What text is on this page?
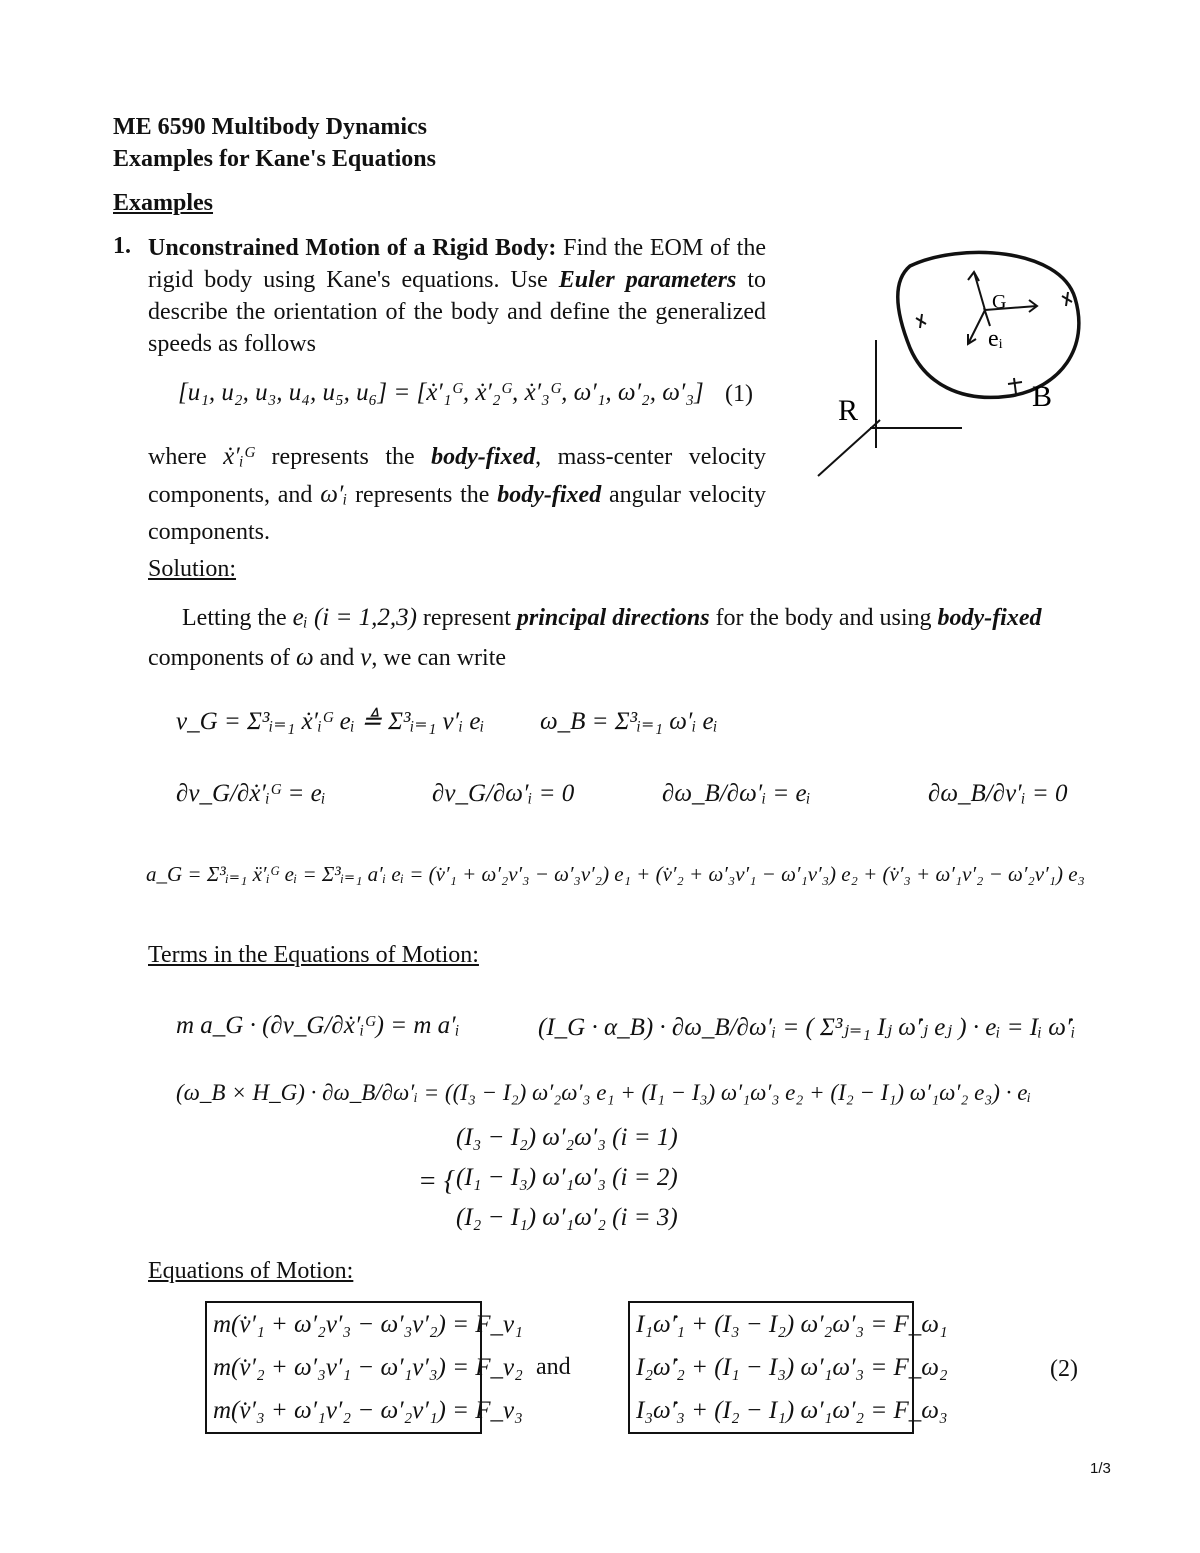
ME 6590 Multibody Dynamics
Examples for Kane's Equations
Examples
1. Unconstrained Motion of a Rigid Body: Find the EOM of the rigid body using Kane's equations. Use Euler parameters to describe the orientation of the body and define the generalized speeds as follows
[u₁, u₂, u₃, u₄, u₅, u₆] = [ẋ′₁ᴳ, ẋ′₂ᴳ, ẋ′₃ᴳ, ω′₁, ω′₂, ω′₃] (1)
where ẋ′ᵢᴳ represents the body-fixed, mass-center velocity components, and ω′ᵢ represents the body-fixed angular velocity components.
G
eᵢ
B
R
Solution:
Letting the eᵢ (i = 1,2,3) represent principal directions for the body and using body-fixed components of ω and v, we can write
v_G = Σ³ᵢ₌₁ ẋ′ᵢᴳ eᵢ ≜ Σ³ᵢ₌₁ v′ᵢ eᵢ ω_B = Σ³ᵢ₌₁ ω′ᵢ eᵢ
∂v_G/∂ẋ′ᵢᴳ = eᵢ	∂v_G/∂ω′ᵢ = 0	∂ω_B/∂ω′ᵢ = eᵢ	∂ω_B/∂v′ᵢ = 0
a_G = Σ³ᵢ₌₁ ẍ′ᵢᴳ eᵢ = Σ³ᵢ₌₁ a′ᵢ eᵢ = (v̇′₁ + ω′₂v′₃ − ω′₃v′₂) e₁ + (v̇′₂ + ω′₃v′₁ − ω′₁v′₃) e₂ + (v̇′₃ + ω′₁v′₂ − ω′₂v′₁) e₃
Terms in the Equations of Motion:
m a_G · (∂v_G/∂ẋ′ᵢᴳ) = m a′ᵢ	(I_G · α_B) · ∂ω_B/∂ω′ᵢ = ( Σ³ⱼ₌₁ Iⱼ ω̇′ⱼ eⱼ ) · eᵢ = Iᵢ ω̇′ᵢ
(ω_B × H_G) · ∂ω_B/∂ω′ᵢ = ((I₃ − I₂) ω′₂ω′₃ e₁ + (I₁ − I₃) ω′₁ω′₃ e₂ + (I₂ − I₁) ω′₁ω′₂ e₃) · eᵢ
= {
(I₃ − I₂) ω′₂ω′₃ (i = 1)
(I₁ − I₃) ω′₁ω′₃ (i = 2)
(I₂ − I₁) ω′₁ω′₂ (i = 3)
Equations of Motion:
m(v̇′₁ + ω′₂v′₃ − ω′₃v′₂) = F_v₁
m(v̇′₂ + ω′₃v′₁ − ω′₁v′₃) = F_v₂
m(v̇′₃ + ω′₁v′₂ − ω′₂v′₁) = F_v₃
and
I₁ω̇′₁ + (I₃ − I₂) ω′₂ω′₃ = F_ω₁
I₂ω̇′₂ + (I₁ − I₃) ω′₁ω′₃ = F_ω₂
I₃ω̇′₃ + (I₂ − I₁) ω′₁ω′₂ = F_ω₃
(2)
1/3
